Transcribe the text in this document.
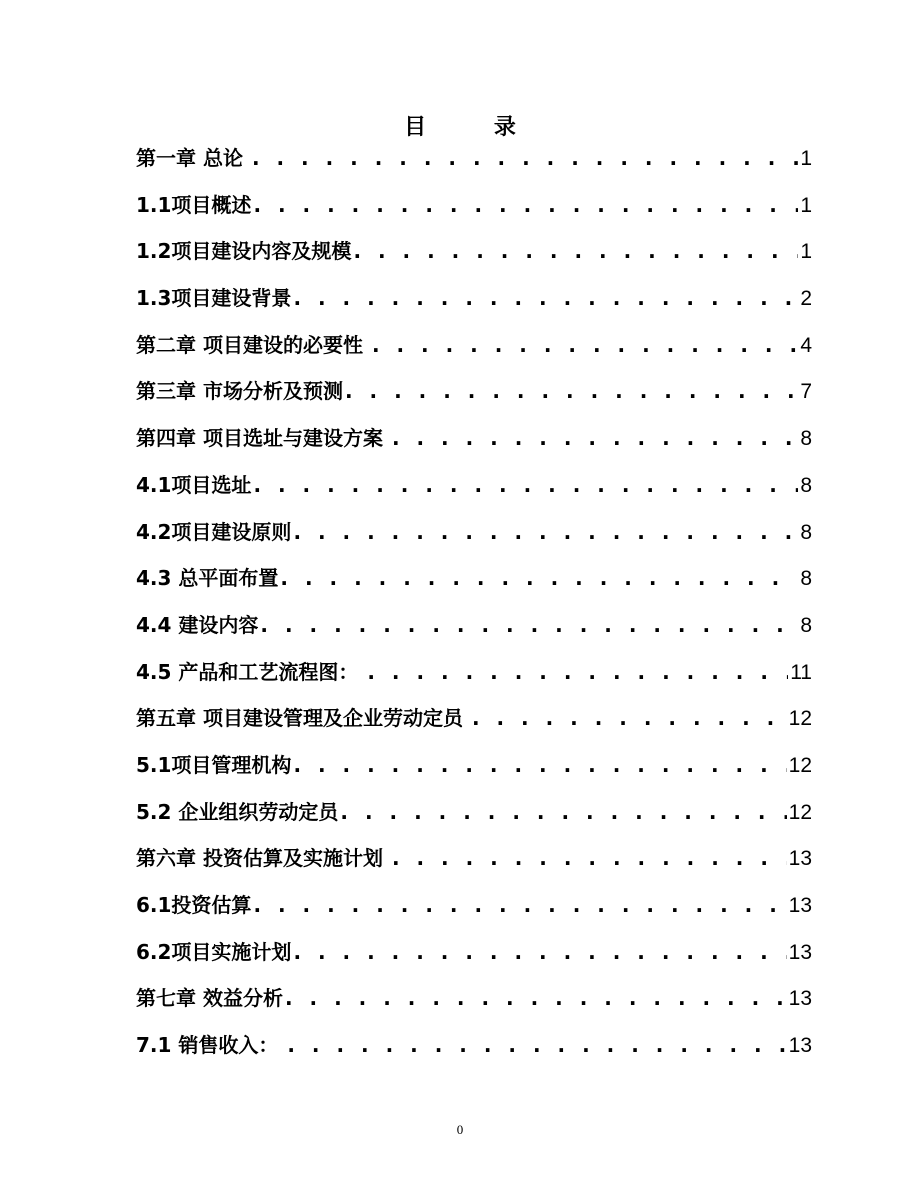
目 录
第一章 总论 . . .	1
1.1项目概述 . . .	1
1.2项目建设内容及规模 . . .	1
1.3项目建设背景 . . .	2
第二章 项目建设的必要性 . . .	4
第三章 市场分析及预测 . . .	7
第四章 项目选址与建设方案 . . .	8
4.1项目选址 . . .	8
4.2项目建设原则 . . .	8
4.3 总平面布置 . . .	8
4.4 建设内容 . . .	8
4.5 产品和工艺流程图： . . .	11
第五章 项目建设管理及企业劳动定员 . . .	12
5.1项目管理机构 . . .	12
5.2 企业组织劳动定员 . . .	12
第六章 投资估算及实施计划 . . .	13
6.1投资估算 . . .	13
6.2项目实施计划 . . .	13
第七章 效益分析 . . .	13
7.1 销售收入： . . .	13
0
